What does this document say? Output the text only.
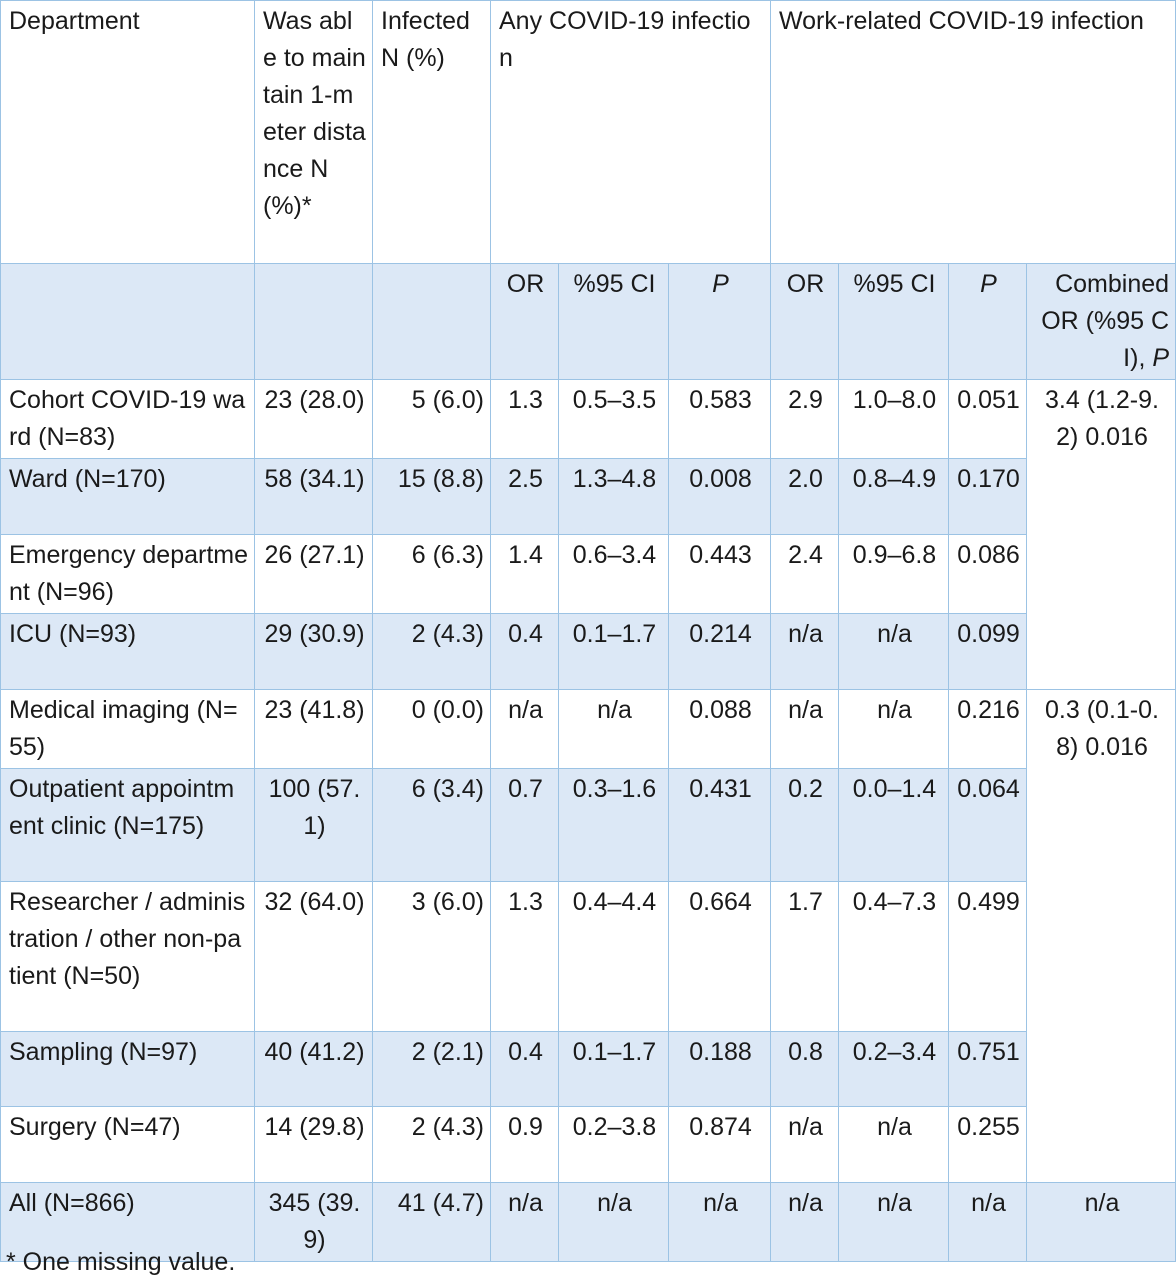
Department	Was able to maintain 1-meter distance N (%)*	Infected N (%)	Any COVID-19 infection			Work-related COVID-19 infection			
			OR	%95 CI	P	OR	%95 CI	P	Combined OR (%95 CI), P
Cohort COVID-19 ward (N=83)	23 (28.0)	5 (6.0)	1.3	0.5–3.5	0.583	2.9	1.0–8.0	0.051	3.4 (1.2-9.2) 0.016
Ward (N=170)	58 (34.1)	15 (8.8)	2.5	1.3–4.8	0.008	2.0	0.8–4.9	0.170	
Emergency department (N=96)	26 (27.1)	6 (6.3)	1.4	0.6–3.4	0.443	2.4	0.9–6.8	0.086	
ICU (N=93)	29 (30.9)	2 (4.3)	0.4	0.1–1.7	0.214	n/a	n/a	0.099	
Medical imaging (N=55)	23 (41.8)	0 (0.0)	n/a	n/a	0.088	n/a	n/a	0.216	0.3 (0.1-0.8) 0.016
Outpatient appointment clinic (N=175)	100 (57.1)	6 (3.4)	0.7	0.3–1.6	0.431	0.2	0.0–1.4	0.064	
Researcher / administration / other non-patient (N=50)	32 (64.0)	3 (6.0)	1.3	0.4–4.4	0.664	1.7	0.4–7.3	0.499	
Sampling (N=97)	40 (41.2)	2 (2.1)	0.4	0.1–1.7	0.188	0.8	0.2–3.4	0.751	
Surgery (N=47)	14 (29.8)	2 (4.3)	0.9	0.2–3.8	0.874	n/a	n/a	0.255	
All (N=866)	345 (39.9)	41 (4.7)	n/a	n/a	n/a	n/a	n/a	n/a	n/a
* One missing value.
